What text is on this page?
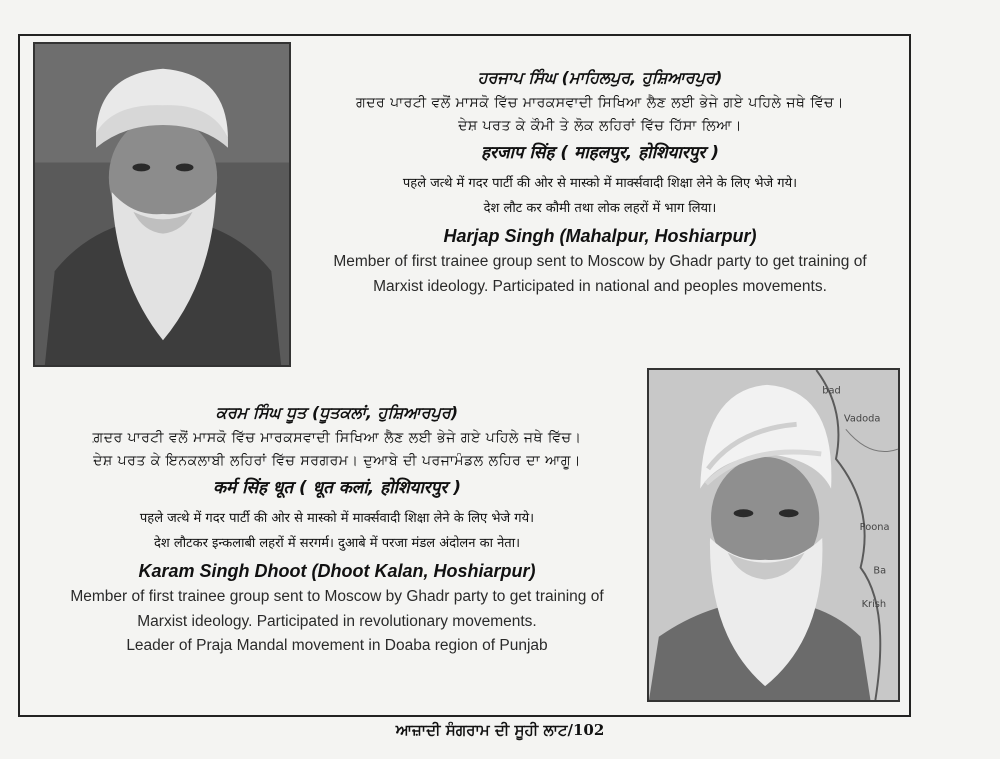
bad
Vadoda
Poona
Krish
Ba
ਹਰਜਾਪ ਸਿੰਘ (ਮਾਹਿਲਪੁਰ, ਹੁਸ਼ਿਆਰਪੁਰ)
ਗਦਰ ਪਾਰਟੀ ਵਲੋਂ ਮਾਸਕੋ ਵਿੱਚ ਮਾਰਕਸਵਾਦੀ ਸਿਖਿਆ ਲੈਣ ਲਈ ਭੇਜੇ ਗਏ ਪਹਿਲੇ ਜਥੇ ਵਿੱਚ।
ਦੇਸ਼ ਪਰਤ ਕੇ ਕੌਮੀ ਤੇ ਲੋਕ ਲਹਿਰਾਂ ਵਿੱਚ ਹਿੱਸਾ ਲਿਆ।
हरजाप सिंह ( माहलपुर, होशियारपुर )
पहले जत्थे में गदर पार्टी की ओर से मास्को में मार्क्सवादी शिक्षा लेने के लिए भेजे गये।
देश लौट कर कौमी तथा लोक लहरों में भाग लिया।
Harjap Singh (Mahalpur, Hoshiarpur)
Member of first trainee group sent to Moscow by Ghadr party to get training of
Marxist ideology. Participated in national and peoples movements.
ਕਰਮ ਸਿੰਘ ਧੂਤ (ਧੂਤਕਲਾਂ, ਹੁਸ਼ਿਆਰਪੁਰ)
ਗ਼ਦਰ ਪਾਰਟੀ ਵਲੋਂ ਮਾਸਕੋ ਵਿੱਚ ਮਾਰਕਸਵਾਦੀ ਸਿਖਿਆ ਲੈਣ ਲਈ ਭੇਜੇ ਗਏ ਪਹਿਲੇ ਜਥੇ ਵਿੱਚ।
ਦੇਸ਼ ਪਰਤ ਕੇ ਇਨਕਲਾਬੀ ਲਹਿਰਾਂ ਵਿੱਚ ਸਰਗਰਮ। ਦੁਆਬੇ ਦੀ ਪਰਜਾਮੰਡਲ ਲਹਿਰ ਦਾ ਆਗੂ।
कर्म सिंह धूत ( धूत कलां, होशियारपुर )
पहले जत्थे में गदर पार्टी की ओर से मास्को में मार्क्सवादी शिक्षा लेने के लिए भेजे गये।
देश लौटकर इन्कलाबी लहरों में सरगर्म। दुआबे में परजा मंडल अंदोलन का नेता।
Karam Singh Dhoot (Dhoot Kalan, Hoshiarpur)
Member of first trainee group sent to Moscow by Ghadr party to get training of
Marxist ideology. Participated in revolutionary movements.
Leader of Praja Mandal movement in Doaba region of Punjab
ਆਜ਼ਾਦੀ ਸੰਗਰਾਮ ਦੀ ਸੂਹੀ ਲਾਟ/102
